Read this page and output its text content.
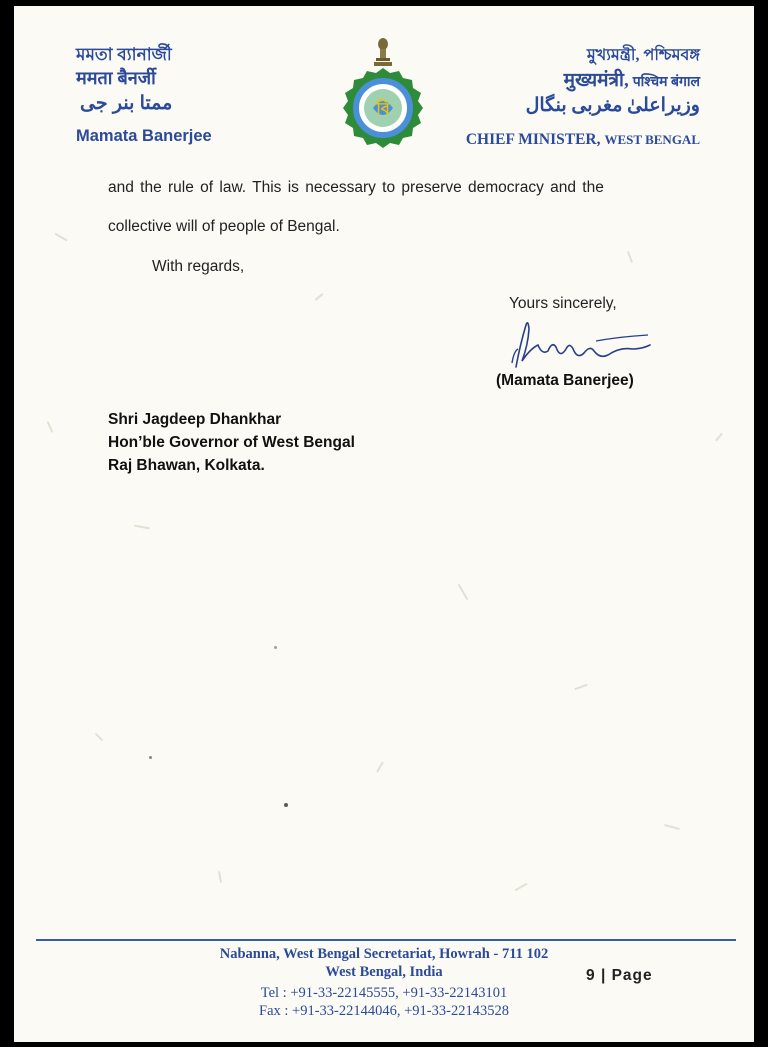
মমতা ব্যানার্জী
ममता बैनर्जी
ممتا بنر جی
Mamata Banerjee
বি
মুখ্যমন্ত্রী, পশ্চিমবঙ্গ
मुख्यमंत्री, पश्चिम बंगाल
وزیراعلیٰ مغربی بنگال
CHIEF MINISTER, WEST BENGAL
and the rule of law. This is necessary to preserve democracy and the
collective will of people of Bengal.
With regards,
Yours sincerely,
(Mamata Banerjee)
Shri Jagdeep Dhankhar
Hon’ble Governor of West Bengal
Raj Bhawan, Kolkata.
Nabanna, West Bengal Secretariat, Howrah - 711 102
West Bengal, India
Tel : +91-33-22145555, +91-33-22143101
Fax : +91-33-22144046, +91-33-22143528
9 | Page
